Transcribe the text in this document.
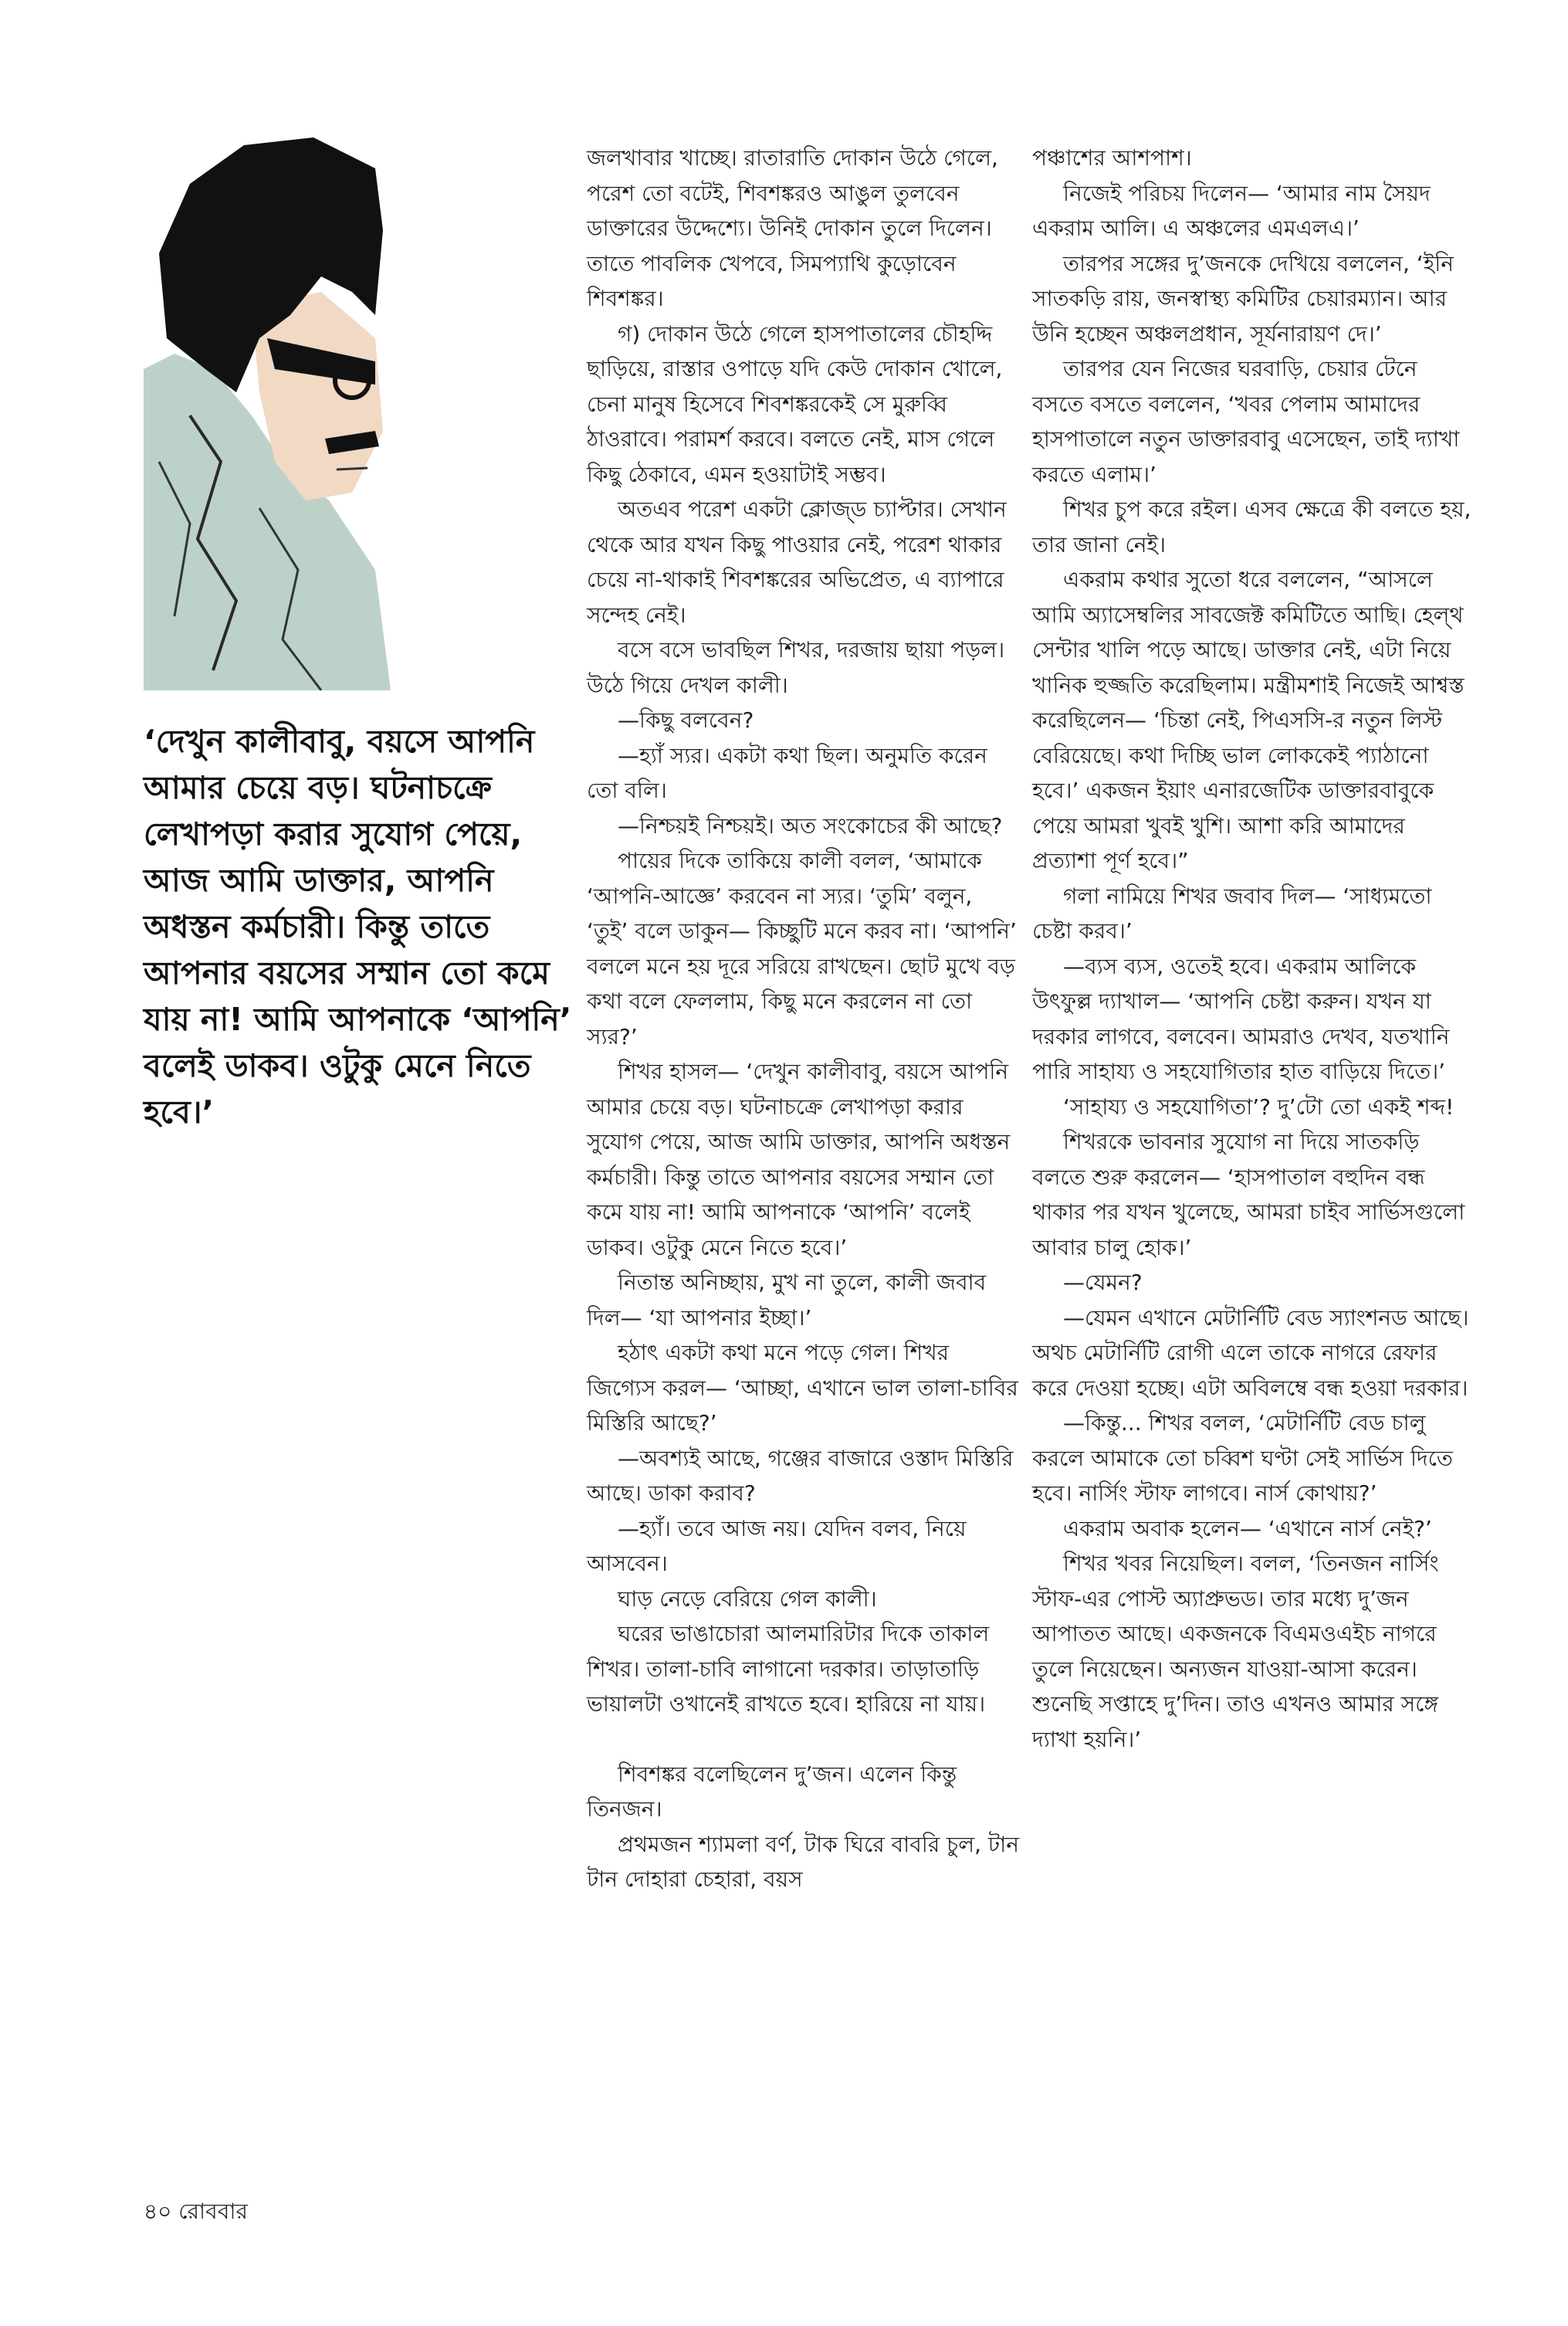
‘দেখুন কালীবাবু, বয়সে আপনি আমার চেয়ে বড়। ঘটনাচক্রে লেখাপড়া করার সুযোগ পেয়ে, আজ আমি ডাক্তার, আপনি অধস্তন কর্মচারী। কিন্তু তাতে আপনার বয়সের সম্মান তো কমে যায় না! আমি আপনাকে ‘আপনি’ বলেই ডাকব। ওটুকু মেনে নিতে হবে।’

জলখাবার খাচ্ছে। রাতারাতি দোকান উঠে গেলে, পরেশ তো বটেই, শিবশঙ্করও আঙুল তুলবেন ডাক্তারের উদ্দেশ্যে। উনিই দোকান তুলে দিলেন। তাতে পাবলিক খেপবে, সিমপ্যাথি কুড়োবেন শিবশঙ্কর।

গ) দোকান উঠে গেলে হাসপাতালের চৌহদ্দি ছাড়িয়ে, রাস্তার ওপাড়ে যদি কেউ দোকান খোলে, চেনা মানুষ হিসেবে শিবশঙ্করকেই সে মুরুব্বি ঠাওরাবে। পরামর্শ করবে। বলতে নেই, মাস গেলে কিছু ঠেকাবে, এমন হওয়াটাই সম্ভব।

অতএব পরেশ একটা ক্লোজ্‌ড চ্যাপ্টার। সেখান থেকে আর যখন কিছু পাওয়ার নেই, পরেশ থাকার চেয়ে না-থাকাই শিবশঙ্করের অভিপ্রেত, এ ব্যাপারে সন্দেহ নেই।

বসে বসে ভাবছিল শিখর, দরজায় ছায়া পড়ল। উঠে গিয়ে দেখল কালী।

—কিছু বলবেন?

—হ্যাঁ স্যর। একটা কথা ছিল। অনুমতি করেন তো বলি।

—নিশ্চয়ই নিশ্চয়ই। অত সংকোচের কী আছে?

পায়ের দিকে তাকিয়ে কালী বলল, ‘আমাকে ‘আপনি-আজ্ঞে’ করবেন না স্যর। ‘তুমি’ বলুন, ‘তুই’ বলে ডাকুন— কিচ্ছুটি মনে করব না। ‘আপনি’ বললে মনে হয় দূরে সরিয়ে রাখছেন। ছোট মুখে বড় কথা বলে ফেললাম, কিছু মনে করলেন না তো স্যর?’

শিখর হাসল— ‘দেখুন কালীবাবু, বয়সে আপনি আমার চেয়ে বড়। ঘটনাচক্রে লেখাপড়া করার সুযোগ পেয়ে, আজ আমি ডাক্তার, আপনি অধস্তন কর্মচারী। কিন্তু তাতে আপনার বয়সের সম্মান তো কমে যায় না! আমি আপনাকে ‘আপনি’ বলেই ডাকব। ওটুকু মেনে নিতে হবে।’

নিতান্ত অনিচ্ছায়, মুখ না তুলে, কালী জবাব দিল— ‘যা আপনার ইচ্ছা।’

হঠাৎ একটা কথা মনে পড়ে গেল। শিখর জিগ্যেস করল— ‘আচ্ছা, এখানে ভাল তালা-চাবির মিস্তিরি আছে?’

—অবশ্যই আছে, গঞ্জের বাজারে ওস্তাদ মিস্তিরি আছে। ডাকা করাব?

—হ্যাঁ। তবে আজ নয়। যেদিন বলব, নিয়ে আসবেন।

ঘাড় নেড়ে বেরিয়ে গেল কালী।

ঘরের ভাঙাচোরা আলমারিটার দিকে তাকাল শিখর। তালা-চাবি লাগানো দরকার। তাড়াতাড়ি ভায়ালটা ওখানেই রাখতে হবে। হারিয়ে না যায়।

শিবশঙ্কর বলেছিলেন দু’জন। এলেন কিন্তু তিনজন।

প্রথমজন শ্যামলা বর্ণ, টাক ঘিরে বাবরি চুল, টান টান দোহারা চেহারা, বয়স

পঞ্চাশের আশপাশ।

নিজেই পরিচয় দিলেন— ‘আমার নাম সৈয়দ একরাম আলি। এ অঞ্চলের এমএলএ।’

তারপর সঙ্গের দু’জনকে দেখিয়ে বললেন, ‘ইনি সাতকড়ি রায়, জনস্বাস্থ্য কমিটির চেয়ারম্যান। আর উনি হচ্ছেন অঞ্চলপ্রধান, সূর্যনারায়ণ দে।’

তারপর যেন নিজের ঘরবাড়ি, চেয়ার টেনে বসতে বসতে বললেন, ‘খবর পেলাম আমাদের হাসপাতালে নতুন ডাক্তারবাবু এসেছেন, তাই দ্যাখা করতে এলাম।’

শিখর চুপ করে রইল। এসব ক্ষেত্রে কী বলতে হয়, তার জানা নেই।

একরাম কথার সুতো ধরে বললেন, “আসলে আমি অ্যাসেম্বলির সাবজেক্ট কমিটিতে আছি। হেল্‌থ সেন্টার খালি পড়ে আছে। ডাক্তার নেই, এটা নিয়ে খানিক হুজ্জতি করেছিলাম। মন্ত্রীমশাই নিজেই আশ্বস্ত করেছিলেন— ‘চিন্তা নেই, পিএসসি-র নতুন লিস্ট বেরিয়েছে। কথা দিচ্ছি ভাল লোককেই প্যাঠানো হবে।’ একজন ইয়াং এনারজেটিক ডাক্তারবাবুকে পেয়ে আমরা খুবই খুশি। আশা করি আমাদের প্রত্যাশা পূর্ণ হবে।”

গলা নামিয়ে শিখর জবাব দিল— ‘সাধ্যমতো চেষ্টা করব।’

—ব্যস ব্যস, ওতেই হবে। একরাম আলিকে উৎফুল্ল দ্যাখাল— ‘আপনি চেষ্টা করুন। যখন যা দরকার লাগবে, বলবেন। আমরাও দেখব, যতখানি পারি সাহায্য ও সহযোগিতার হাত বাড়িয়ে দিতে।’

‘সাহায্য ও সহযোগিতা’? দু’টো তো একই শব্দ!

শিখরকে ভাবনার সুযোগ না দিয়ে সাতকড়ি বলতে শুরু করলেন— ‘হাসপাতাল বহুদিন বন্ধ থাকার পর যখন খুলেছে, আমরা চাইব সার্ভিসগুলো আবার চালু হোক।’

—যেমন?

—যেমন এখানে মেটার্নিটি বেড স্যাংশনড আছে। অথচ মেটার্নিটি রোগী এলে তাকে নাগরে রেফার করে দেওয়া হচ্ছে। এটা অবিলম্বে বন্ধ হওয়া দরকার।

—কিন্তু... শিখর বলল, ‘মেটার্নিটি বেড চালু করলে আমাকে তো চব্বিশ ঘণ্টা সেই সার্ভিস দিতে হবে। নার্সিং স্টাফ লাগবে। নার্স কোথায়?’

একরাম অবাক হলেন— ‘এখানে নার্স নেই?’

শিখর খবর নিয়েছিল। বলল, ‘তিনজন নার্সিং স্টাফ-এর পোস্ট অ্যাপ্রুভড। তার মধ্যে দু’জন আপাতত আছে। একজনকে বিএমওএইচ নাগরে তুলে নিয়েছেন। অন্যজন যাওয়া-আসা করেন। শুনেছি সপ্তাহে দু’দিন। তাও এখনও আমার সঙ্গে দ্যাখা হয়নি।’

৪০ রোববার
